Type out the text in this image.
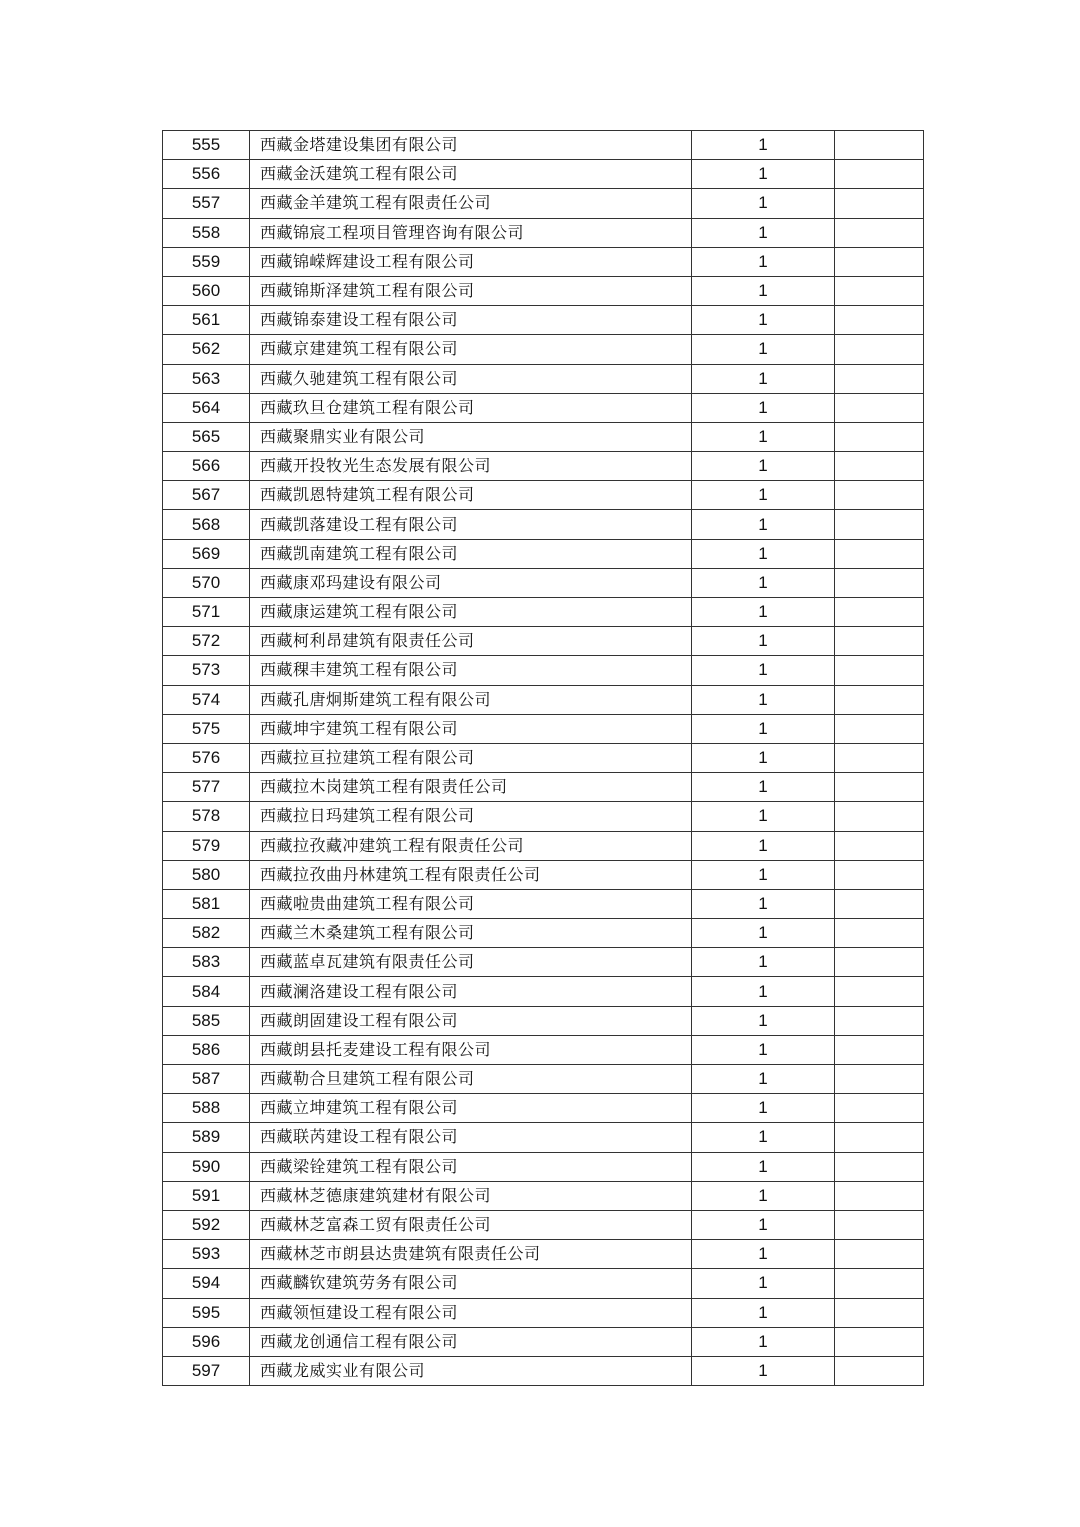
555	西藏金塔建设集团有限公司	1	
556	西藏金沃建筑工程有限公司	1	
557	西藏金羊建筑工程有限责任公司	1	
558	西藏锦宸工程项目管理咨询有限公司	1	
559	西藏锦嵘辉建设工程有限公司	1	
560	西藏锦斯泽建筑工程有限公司	1	
561	西藏锦泰建设工程有限公司	1	
562	西藏京建建筑工程有限公司	1	
563	西藏久驰建筑工程有限公司	1	
564	西藏玖旦仓建筑工程有限公司	1	
565	西藏聚鼎实业有限公司	1	
566	西藏开投牧光生态发展有限公司	1	
567	西藏凯恩特建筑工程有限公司	1	
568	西藏凯落建设工程有限公司	1	
569	西藏凯南建筑工程有限公司	1	
570	西藏康邓玛建设有限公司	1	
571	西藏康运建筑工程有限公司	1	
572	西藏柯利昂建筑有限责任公司	1	
573	西藏稞丰建筑工程有限公司	1	
574	西藏孔唐炯斯建筑工程有限公司	1	
575	西藏坤宇建筑工程有限公司	1	
576	西藏拉亘拉建筑工程有限公司	1	
577	西藏拉木岗建筑工程有限责任公司	1	
578	西藏拉日玛建筑工程有限公司	1	
579	西藏拉孜藏冲建筑工程有限责任公司	1	
580	西藏拉孜曲丹林建筑工程有限责任公司	1	
581	西藏啦贵曲建筑工程有限公司	1	
582	西藏兰木桑建筑工程有限公司	1	
583	西藏蓝卓瓦建筑有限责任公司	1	
584	西藏澜洛建设工程有限公司	1	
585	西藏朗固建设工程有限公司	1	
586	西藏朗县托麦建设工程有限公司	1	
587	西藏勒合旦建筑工程有限公司	1	
588	西藏立坤建筑工程有限公司	1	
589	西藏联芮建设工程有限公司	1	
590	西藏梁铨建筑工程有限公司	1	
591	西藏林芝德康建筑建材有限公司	1	
592	西藏林芝富森工贸有限责任公司	1	
593	西藏林芝市朗县达贵建筑有限责任公司	1	
594	西藏麟钦建筑劳务有限公司	1	
595	西藏领恒建设工程有限公司	1	
596	西藏龙创通信工程有限公司	1	
597	西藏龙威实业有限公司	1	
